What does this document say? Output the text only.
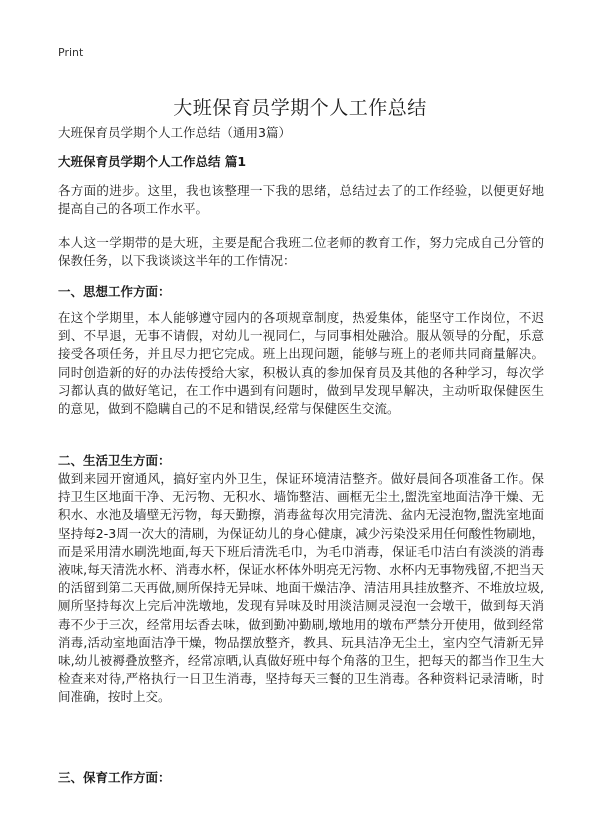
Print
大班保育员学期个人工作总结
大班保育员学期个人工作总结（通用3篇）
大班保育员学期个人工作总结 篇1
各方面的进步。这里，我也该整理一下我的思绪，总结过去了的工作经验，以便更好地提高自己的各项工作水平。
本人这一学期带的是大班，主要是配合我班二位老师的教育工作，努力完成自己分管的保教任务，以下我谈谈这半年的工作情况：
一、思想工作方面：
在这个学期里，本人能够遵守园内的各项规章制度，热爱集体，能坚守工作岗位，不迟到、不早退，无事不请假，对幼儿一视同仁，与同事相处融洽。服从领导的分配，乐意接受各项任务，并且尽力把它完成。班上出现问题，能够与班上的老师共同商量解决。同时创造新的好的办法传授给大家，积极认真的参加保育员及其他的各种学习，每次学习都认真的做好笔记，在工作中遇到有问题时，做到早发现早解决，主动听取保健医生的意见，做到不隐瞒自己的不足和错误,经常与保健医生交流。
二、生活卫生方面：
做到来园开窗通风，搞好室内外卫生，保证环境清洁整齐。做好晨间各项准备工作。保持卫生区地面干净、无污物、无积水、墙饰整洁、画框无尘土,盥洗室地面洁净干燥、无积水、水池及墙壁无污物，每天勤擦，消毒盆每次用完清洗、盆内无浸泡物,盥洗室地面坚持每2-3周一次大的清刷，为保证幼儿的身心健康，减少污染没采用任何酸性物刷地，而是采用清水刷洗地面,每天下班后清洗毛巾，为毛巾消毒，保证毛巾洁白有淡淡的消毒液味,每天清洗水杯、消毒水杯，保证水杯体外明亮无污物、水杯内无事物残留,不把当天的活留到第二天再做,厕所保持无异味、地面干燥洁净、清洁用具挂放整齐、不堆放垃圾,厕所坚持每次上完后冲洗墩地，发现有异味及时用淡洁厕灵浸泡一会墩干，做到每天消毒不少于三次，经常用坛香去味，做到勤冲勤刷,墩地用的墩布严禁分开使用，做到经常消毒,活动室地面洁净干燥，物品摆放整齐，教具、玩具洁净无尘土，室内空气清新无异味,幼儿被褥叠放整齐，经常凉晒,认真做好班中每个角落的卫生，把每天的都当作卫生大检查来对待,严格执行一日卫生消毒，坚持每天三餐的卫生消毒。各种资料记录清晰，时间准确，按时上交。
三、保育工作方面：
